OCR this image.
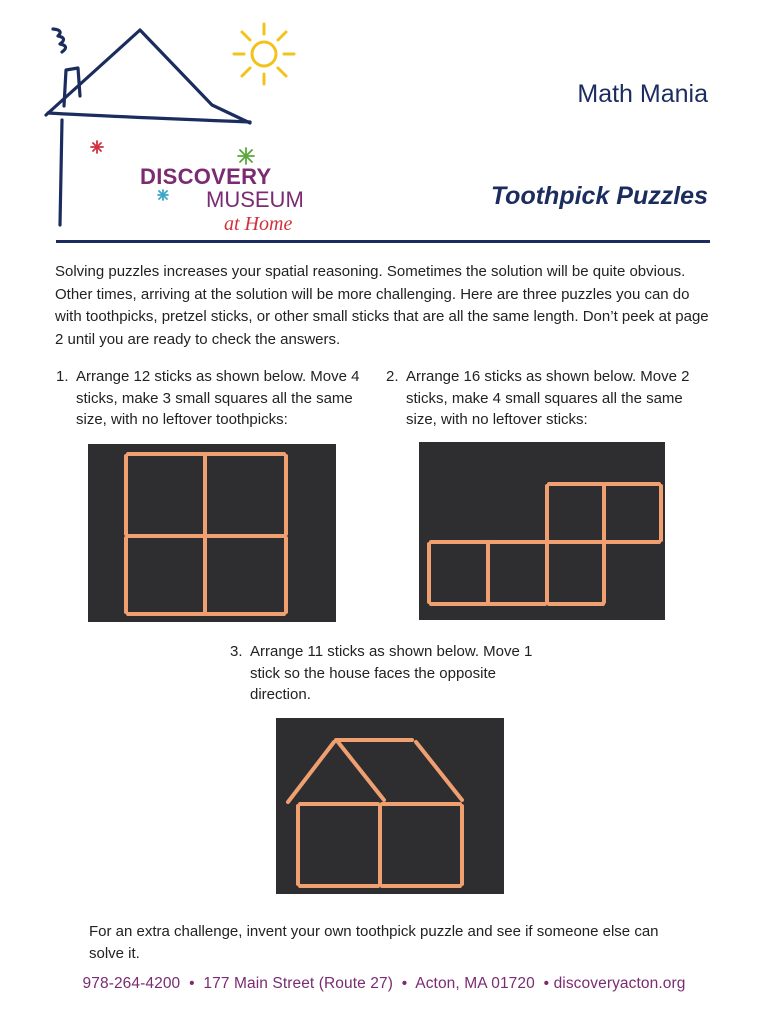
DISCOVERY
MUSEUM
at Home
Math Mania
Toothpick Puzzles

Solving puzzles increases your spatial reasoning. Sometimes the solution will be quite obvious. Other times, arriving at the solution will be more challenging. Here are three puzzles you can do with toothpicks, pretzel sticks, or other small sticks that are all the same length. Don’t peek at page 2 until you are ready to check the answers.

1. Arrange 12 sticks as shown below. Move 4 sticks, make 3 small squares all the same size, with no leftover toothpicks:
2. Arrange 16 sticks as shown below. Move 2 sticks, make 4 small squares all the same size, with no leftover sticks:
3. Arrange 11 sticks as shown below. Move 1 stick so the house faces the opposite direction.

For an extra challenge, invent your own toothpick puzzle and see if someone else can solve it.

978-264-4200  •  177 Main Street (Route 27)  •  Acton, MA 01720  • discoveryacton.org
